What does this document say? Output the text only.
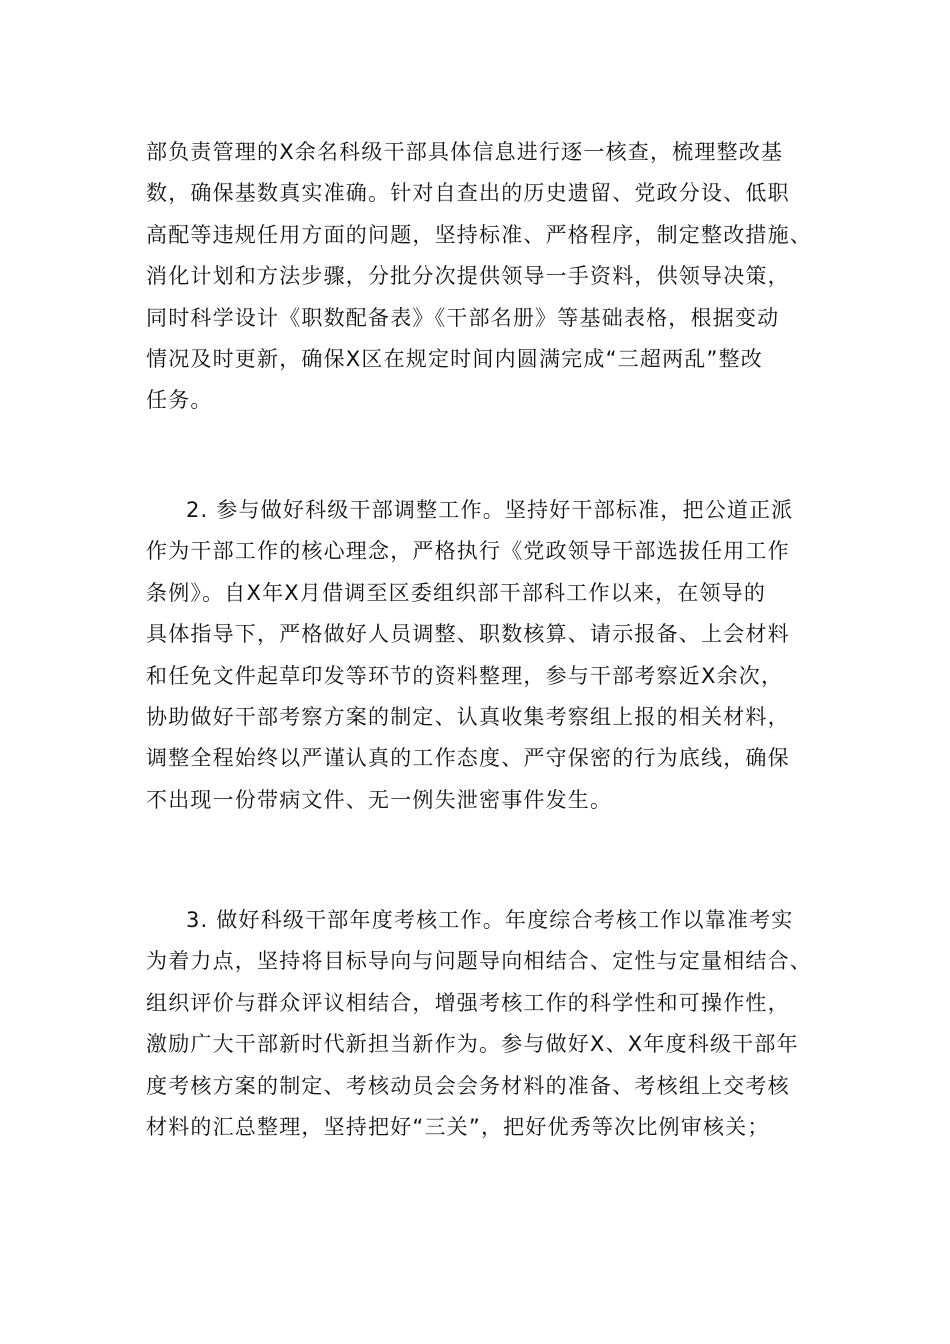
部负责管理的X余名科级干部具体信息进行逐一核查，梳理整改基
数，确保基数真实准确。针对自查出的历史遗留、党政分设、低职
高配等违规任用方面的问题，坚持标准、严格程序，制定整改措施、
消化计划和方法步骤，分批分次提供领导一手资料，供领导决策，
同时科学设计《职数配备表》《干部名册》等基础表格，根据变动
情况及时更新，确保X区在规定时间内圆满完成“三超两乱”整改
任务。
2. 参与做好科级干部调整工作。坚持好干部标准，把公道正派
作为干部工作的核心理念，严格执行《党政领导干部选拔任用工作
条例》。自X年X月借调至区委组织部干部科工作以来，在领导的
具体指导下，严格做好人员调整、职数核算、请示报备、上会材料
和任免文件起草印发等环节的资料整理，参与干部考察近X余次，
协助做好干部考察方案的制定、认真收集考察组上报的相关材料，
调整全程始终以严谨认真的工作态度、严守保密的行为底线，确保
不出现一份带病文件、无一例失泄密事件发生。
3. 做好科级干部年度考核工作。年度综合考核工作以靠准考实
为着力点，坚持将目标导向与问题导向相结合、定性与定量相结合、
组织评价与群众评议相结合，增强考核工作的科学性和可操作性，
激励广大干部新时代新担当新作为。参与做好X、X年度科级干部年
度考核方案的制定、考核动员会会务材料的准备、考核组上交考核
材料的汇总整理，坚持把好“三关”，把好优秀等次比例审核关；
